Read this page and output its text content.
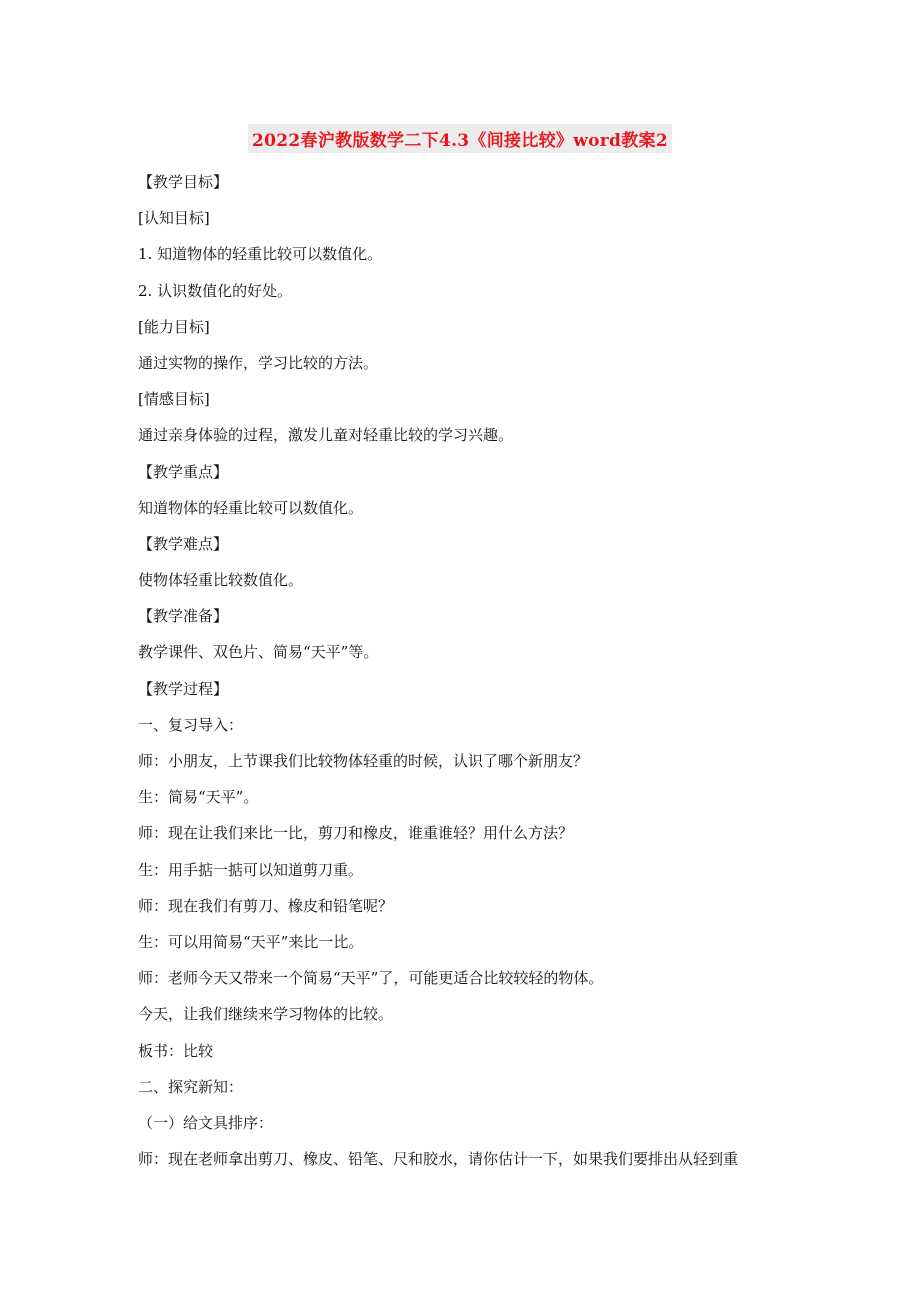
2022春沪教版数学二下4.3《间接比较》word教案2
【教学目标】
[认知目标]
1. 知道物体的轻重比较可以数值化。
2. 认识数值化的好处。
[能力目标]
通过实物的操作，学习比较的方法。
[情感目标]
通过亲身体验的过程，激发儿童对轻重比较的学习兴趣。
【教学重点】
知道物体的轻重比较可以数值化。
【教学难点】
使物体轻重比较数值化。
【教学准备】
教学课件、双色片、简易“天平”等。
【教学过程】
一、复习导入：
师：小朋友，上节课我们比较物体轻重的时候，认识了哪个新朋友？
生：简易“天平”。
师：现在让我们来比一比，剪刀和橡皮，谁重谁轻？用什么方法？
生：用手掂一掂可以知道剪刀重。
师：现在我们有剪刀、橡皮和铅笔呢？
生：可以用简易“天平”来比一比。
师：老师今天又带来一个简易“天平”了，可能更适合比较较轻的物体。
今天，让我们继续来学习物体的比较。
板书：比较
二、探究新知：
（一）给文具排序：
师：现在老师拿出剪刀、橡皮、铅笔、尺和胶水，请你估计一下，如果我们要排出从轻到重
